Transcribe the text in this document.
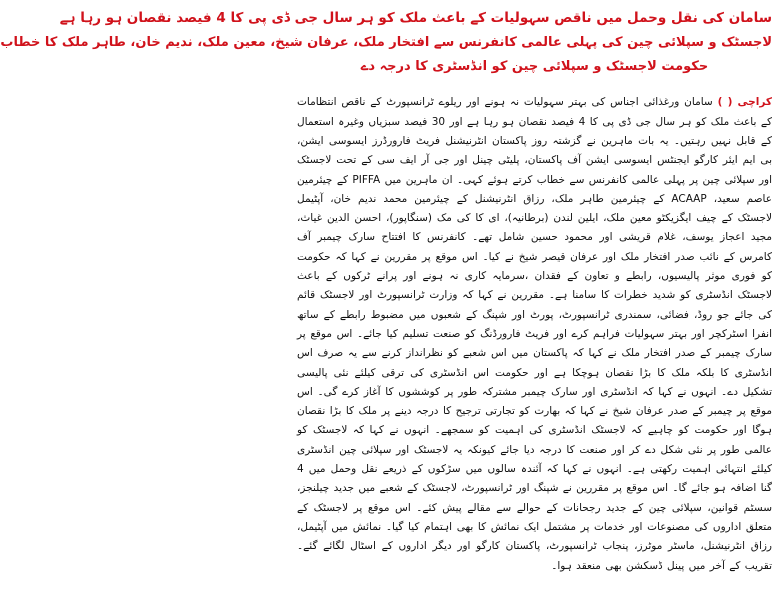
سامان کی نقل وحمل میں ناقص سہولیات کے باعث ملک کو ہر سال جی ڈی پی کا 4 فیصد نقصان ہو رہا ہے
لاجسٹک و سپلائی چین کی پہلی عالمی کانفرنس سے افتخار ملک، عرفان شیخ، معین ملک، ندیم خان، طاہر ملک کا خطاب
حکومت لاجسٹک و سپلائی چین کو انڈسٹری کا درجہ دے
کراچی ( ) سامان ورغذائی اجناس کی بہتر سہولیات نہ ہونے اور ریلوے ٹرانسپورٹ کے ناقص انتظامات کے باعث ملک کو ہر سال جی ڈی پی کا 4 فیصد نقصان ہو رہا ہے اور 30 فیصد سبزیاں وغیرہ استعمال کے قابل نہیں رہتیں۔ یہ بات ماہرین نے گزشتہ روز پاکستان انٹرنیشنل فریٹ فارورڈرز ایسوسی ایشن، بی ایم ایئر کارگو ایجنٹس ایسوسی ایشن آف پاکستان، پلیٹی چینل اور جی آر ایف سی کے تحت لاجسٹک اور سپلائی چین پر پہلی عالمی کانفرنس سے خطاب کرتے ہوئے کہی۔ ان ماہرین میں PIFFA کے چیئرمین عاصم سعید، ACAAP کے چیئرمین طاہر ملک، رزاق انٹرنیشنل کے چیئرمین محمد ندیم خان، آپٹیمل لاجسٹک کے چیف ایگزیکٹو معین ملک، ایلین لندن (برطانیہ)، ای کا کی مک (سنگاپور)، احسن الدین غیاث، مجید اعجاز یوسف، غلام قریشی اور محمود حسین شامل تھے۔ کانفرنس کا افتتاح سارک چیمبر آف کامرس کے نائب صدر افتخار ملک اور عرفان قیصر شیخ نے کیا۔ اس موقع پر مقررین نے کہا کہ حکومت کو فوری موثر پالیسیوں، رابطے و تعاون کے فقدان ،سرمایہ کاری نہ ہونے اور پرانے ٹرکوں کے باعث لاجسٹک انڈسٹری کو شدید خطرات کا سامنا ہے۔ مقررین نے کہا کہ وزارت ٹرانسپورٹ اور لاجسٹک قائم کی جائے جو روڈ، فضائی، سمندری ٹرانسپورٹ، پورٹ اور شپنگ کے شعبوں میں مضبوط رابطے کے ساتھ انفرا اسٹرکچر اور بہتر سہولیات فراہم کرے اور فریٹ فارورڈنگ کو صنعت تسلیم کیا جائے۔ اس موقع پر سارک چیمبر کے صدر افتخار ملک نے کہا کہ پاکستان میں اس شعبے کو نظرانداز کرنے سے یہ صرف اس انڈسٹری کا بلکہ ملک کا بڑا نقصان ہوچکا ہے اور حکومت اس انڈسٹری کی ترقی کیلئے نئی پالیسی تشکیل دے۔ انہوں نے کہا کہ انڈسٹری اور سارک چیمبر مشترکہ طور پر کوششوں کا آغاز کرے گی۔ اس موقع پر چیمبر کے صدر عرفان شیخ نے کہا کہ بھارت کو تجارتی ترجیح کا درجہ دینے پر ملک کا بڑا نقصان ہوگا اور حکومت کو چاہیے کہ لاجسٹک انڈسٹری کی اہمیت کو سمجھے۔ انہوں نے کہا کہ لاجسٹک کو عالمی طور پر نئی شکل دے کر اور صنعت کا درجہ دیا جائے کیونکہ یہ لاجسٹک اور سپلائی چین انڈسٹری کیلئے انتہائی اہمیت رکھتی ہے۔ انہوں نے کہا کہ آئندہ سالوں میں سڑکوں کے ذریعے نقل وحمل میں 4 گنا اضافہ ہو جائے گا۔ اس موقع پر مقررین نے شپنگ اور ٹرانسپورٹ، لاجسٹک کے شعبے میں جدید چیلنجز، سسٹم قوانین، سپلائی چین کے جدید رجحانات کے حوالے سے مقالے پیش کئے۔ اس موقع پر لاجسٹک کے متعلق اداروں کی مصنوعات اور خدمات پر مشتمل ایک نمائش کا بھی اہتمام کیا گیا۔ نمائش میں آپٹیمل، رزاق انٹرنیشنل، ماسٹر موٹرز، پنجاب ٹرانسپورٹ، پاکستان کارگو اور دیگر اداروں کے اسٹال لگائے گئے۔ تقریب کے آخر میں پینل ڈسکشن بھی منعقد ہوا۔
